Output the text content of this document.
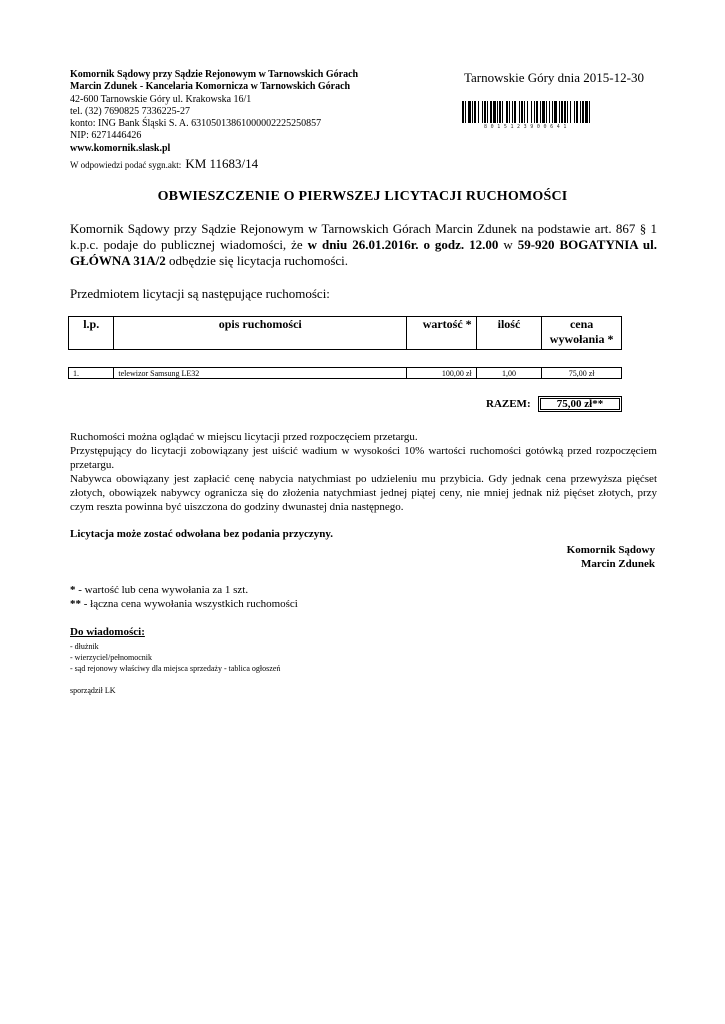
Komornik Sądowy przy Sądzie Rejonowym w Tarnowskich Górach
Marcin Zdunek - Kancelaria Komornicza w Tarnowskich Górach
42-600 Tarnowskie Góry ul. Krakowska 16/1
tel. (32) 7690825 7336225-27
konto: ING Bank Śląski S. A. 63105013861000002225250857
NIP: 6271446426
www.komornik.slask.pl
W odpowiedzi podać sygn.akt: KM 11683/14
Tarnowskie Góry dnia 2015-12-30
8015123900641
OBWIESZCZENIE O PIERWSZEJ LICYTACJI RUCHOMOŚCI
Komornik Sądowy przy Sądzie Rejonowym w Tarnowskich Górach Marcin Zdunek na podstawie art. 867 § 1 k.p.c. podaje do publicznej wiadomości, że w dniu 26.01.2016r. o godz. 12.00 w 59-920 BOGATYNIA ul. GŁÓWNA 31A/2 odbędzie się licytacja ruchomości.
Przedmiotem licytacji są następujące ruchomości:
l.p.	opis ruchomości	wartość *	ilość	cena wywołania *
1.	telewizor Samsung LE32	100,00 zł	1,00	75,00 zł
RAZEM:	75,00 zł**
Ruchomości można oglądać w miejscu licytacji przed rozpoczęciem przetargu.
Przystępujący do licytacji zobowiązany jest uiścić wadium w wysokości 10% wartości ruchomości gotówką przed rozpoczęciem przetargu.
Nabywca obowiązany jest zapłacić cenę nabycia natychmiast po udzieleniu mu przybicia. Gdy jednak cena przewyższa pięćset złotych, obowiązek nabywcy ogranicza się do złożenia natychmiast jednej piątej ceny, nie mniej jednak niż pięćset złotych, przy czym reszta powinna być uiszczona do godziny dwunastej dnia następnego.
Licytacja może zostać odwołana bez podania przyczyny.
Komornik Sądowy
Marcin Zdunek
* - wartość lub cena wywołania za 1 szt.
** - łączna cena wywołania wszystkich ruchomości
Do wiadomości:
- dłużnik
- wierzyciel/pełnomocnik
- sąd rejonowy właściwy dla miejsca sprzedaży - tablica ogłoszeń
sporządził LK
